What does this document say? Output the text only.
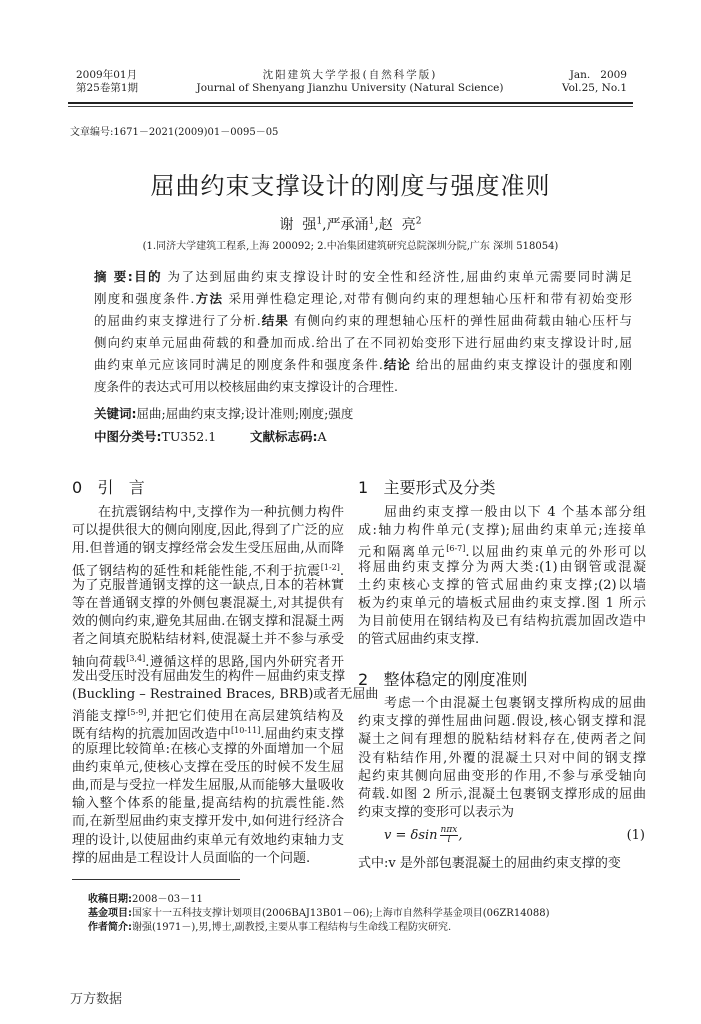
2009年01月
第25卷第1期
沈阳建筑大学学报(自然科学版)
Journal of Shenyang Jianzhu University (Natural Science)
Jan.   2009
Vol.25, No.1
文章编号:1671－2021(2009)01－0095－05
屈曲约束支撑设计的刚度与强度准则
谢  强$^1$,严承涌$^1$,赵  亮$^2$
(1.同济大学建筑工程系,上海 200092; 2.中冶集团建筑研究总院深圳分院,广东 深圳 518054)
摘 要:目的 为了达到屈曲约束支撑设计时的安全性和经济性,屈曲约束单元需要同时满足
刚度和强度条件.方法 采用弹性稳定理论,对带有侧向约束的理想轴心压杆和带有初始变形
的屈曲约束支撑进行了分析.结果 有侧向约束的理想轴心压杆的弹性屈曲荷载由轴心压杆与
侧向约束单元屈曲荷载的和叠加而成.给出了在不同初始变形下进行屈曲约束支撑设计时,屈
曲约束单元应该同时满足的刚度条件和强度条件.结论 给出的屈曲约束支撑设计的强度和刚
度条件的表达式可用以校核屈曲约束支撑设计的合理性.
关键词:屈曲;屈曲约束支撑;设计准则;刚度;强度
中图分类号:TU352.1	文献标志码:A
0   引   言	1   主要形式及分类
2   整体稳定的刚度准则
在抗震钢结构中,支撑作为一种抗侧力构件
可以提供很大的侧向刚度,因此,得到了广泛的应
用.但普通的钢支撑经常会发生受压屈曲,从而降
低了钢结构的延性和耗能性能,不利于抗震[1-2].
为了克服普通钢支撑的这一缺点,日本的若林實
等在普通钢支撑的外侧包裹混凝土,对其提供有
效的侧向约束,避免其屈曲.在钢支撑和混凝土两
者之间填充脱粘结材料,使混凝土并不参与承受
轴向荷载[3,4].遵循这样的思路,国内外研究者开
发出受压时没有屈曲发生的构件－屈曲约束支撑
(Buckling – Restrained Braces, BRB)或者无屈曲
消能支撑[5-9],并把它们使用在高层建筑结构及
既有结构的抗震加固改造中[10-11].屈曲约束支撑
的原理比较简单:在核心支撑的外面增加一个屈
曲约束单元,使核心支撑在受压的时候不发生屈
曲,而是与受拉一样发生屈服,从而能够大量吸收
输入整个体系的能量,提高结构的抗震性能.然
而,在新型屈曲约束支撑开发中,如何进行经济合
理的设计,以使屈曲约束单元有效地约束轴力支
撑的屈曲是工程设计人员面临的一个问题.
屈曲约束支撑一般由以下 4 个基本部分组
成:轴力构件单元(支撑);屈曲约束单元;连接单
元和隔离单元[6-7].以屈曲约束单元的外形可以
将屈曲约束支撑分为两大类:(1)由钢管或混凝
土约束核心支撑的管式屈曲约束支撑;(2)以墙
板为约束单元的墙板式屈曲约束支撑.图 1 所示
为目前使用在钢结构及已有结构抗震加固改造中
的管式屈曲约束支撑.
考虑一个由混凝土包裹钢支撑所构成的屈曲
约束支撑的弹性屈曲问题.假设,核心钢支撑和混
凝土之间有理想的脱粘结材料存在,使两者之间
没有粘结作用,外覆的混凝土只对中间的钢支撑
起约束其侧向屈曲变形的作用,不参与承受轴向
荷载.如图 2 所示,混凝土包裹钢支撑形成的屈曲
约束支撑的变形可以表示为
v = δsin $\frac{\text{nπx}}{l}$ ,	(1)
式中:v 是外部包裹混凝土的屈曲约束支撑的变
收稿日期:2008－03－11
基金项目:国家十一五科技支撑计划项目(2006BAJ13B01－06);上海市自然科学基金项目(06ZR14088)
作者简介:谢强(1971－),男,博士,副教授,主要从事工程结构与生命线工程防灾研究.
万方数据
